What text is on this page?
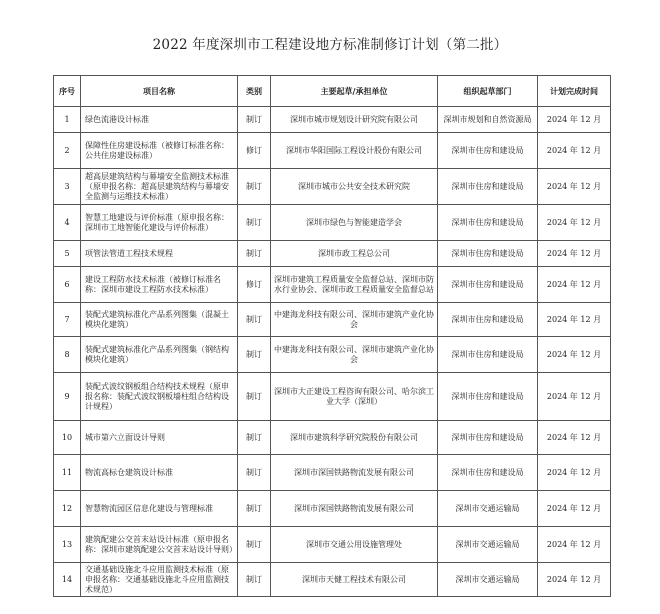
2022 年度深圳市工程建设地方标准制修订计划（第二批）
序号	项目名称	类别	主要起草/承担单位	组织起草部门	计划完成时间
1	绿色流港设计标准	制订	深圳市城市规划设计研究院有限公司	深圳市规划和自然资源局	2024 年 12 月
2	保障性住房建设标准（被修订标准名称：公共住房建设标准）	修订	深圳市华阳国际工程设计股份有限公司	深圳市住房和建设局	2024 年 12 月
3	超高层建筑结构与幕墙安全监测技术标准（原申报名称：超高层建筑结构与幕墙安全监测与运维技术标准）	制订	深圳市城市公共安全技术研究院	深圳市住房和建设局	2024 年 12 月
4	智慧工地建设与评价标准（原申报名称：深圳市工地智能化建设与评价标准）	制订	深圳市绿色与智能建造学会	深圳市住房和建设局	2024 年 12 月
5	项管法管道工程技术规程	制订	深圳市政工程总公司	深圳市住房和建设局	2024 年 12 月
6	建设工程防水技术标准（被修订标准名称：深圳市建设工程防水技术标准）	修订	深圳市建筑工程质量安全监督总站、深圳市防水行业协会、深圳市政工程质量安全监督总站	深圳市住房和建设局	2024 年 12 月
7	装配式建筑标准化产品系列图集（混凝土模块化建筑）	制订	中建海龙科技有限公司、深圳市建筑产业化协会	深圳市住房和建设局	2024 年 12 月
8	装配式建筑标准化产品系列图集（钢结构模块化建筑）	制订	中建海龙科技有限公司、深圳市建筑产业化协会	深圳市住房和建设局	2024 年 12 月
9	装配式波纹钢板组合结构技术规程（原申报名称：装配式波纹钢板墙柱组合结构设计规程）	制订	深圳市大正建设工程咨询有限公司、哈尔滨工业大学（深圳）	深圳市住房和建设局	2024 年 12 月
10	城市第六立面设计导则	制订	深圳市建筑科学研究院股份有限公司	深圳市住房和建设局	2024 年 12 月
11	物流高标仓建筑设计标准	制订	深圳市深国铁路物流发展有限公司	深圳市住房和建设局	2024 年 12 月
12	智慧物流园区信息化建设与管理标准	制订	深圳市深国铁路物流发展有限公司	深圳市交通运输局	2024 年 12 月
13	建筑配建公交首末站设计标准（原申报名称：深圳市建筑配建公交首末站设计导则）	制订	深圳市交通公用设施管理处	深圳市交通运输局	2024 年 12 月
14	交通基础设施北斗应用监测技术标准（原申报名称：交通基础设施北斗应用监测技术规范）	制订	深圳市天健工程技术有限公司	深圳市交通运输局	2024 年 12 月
